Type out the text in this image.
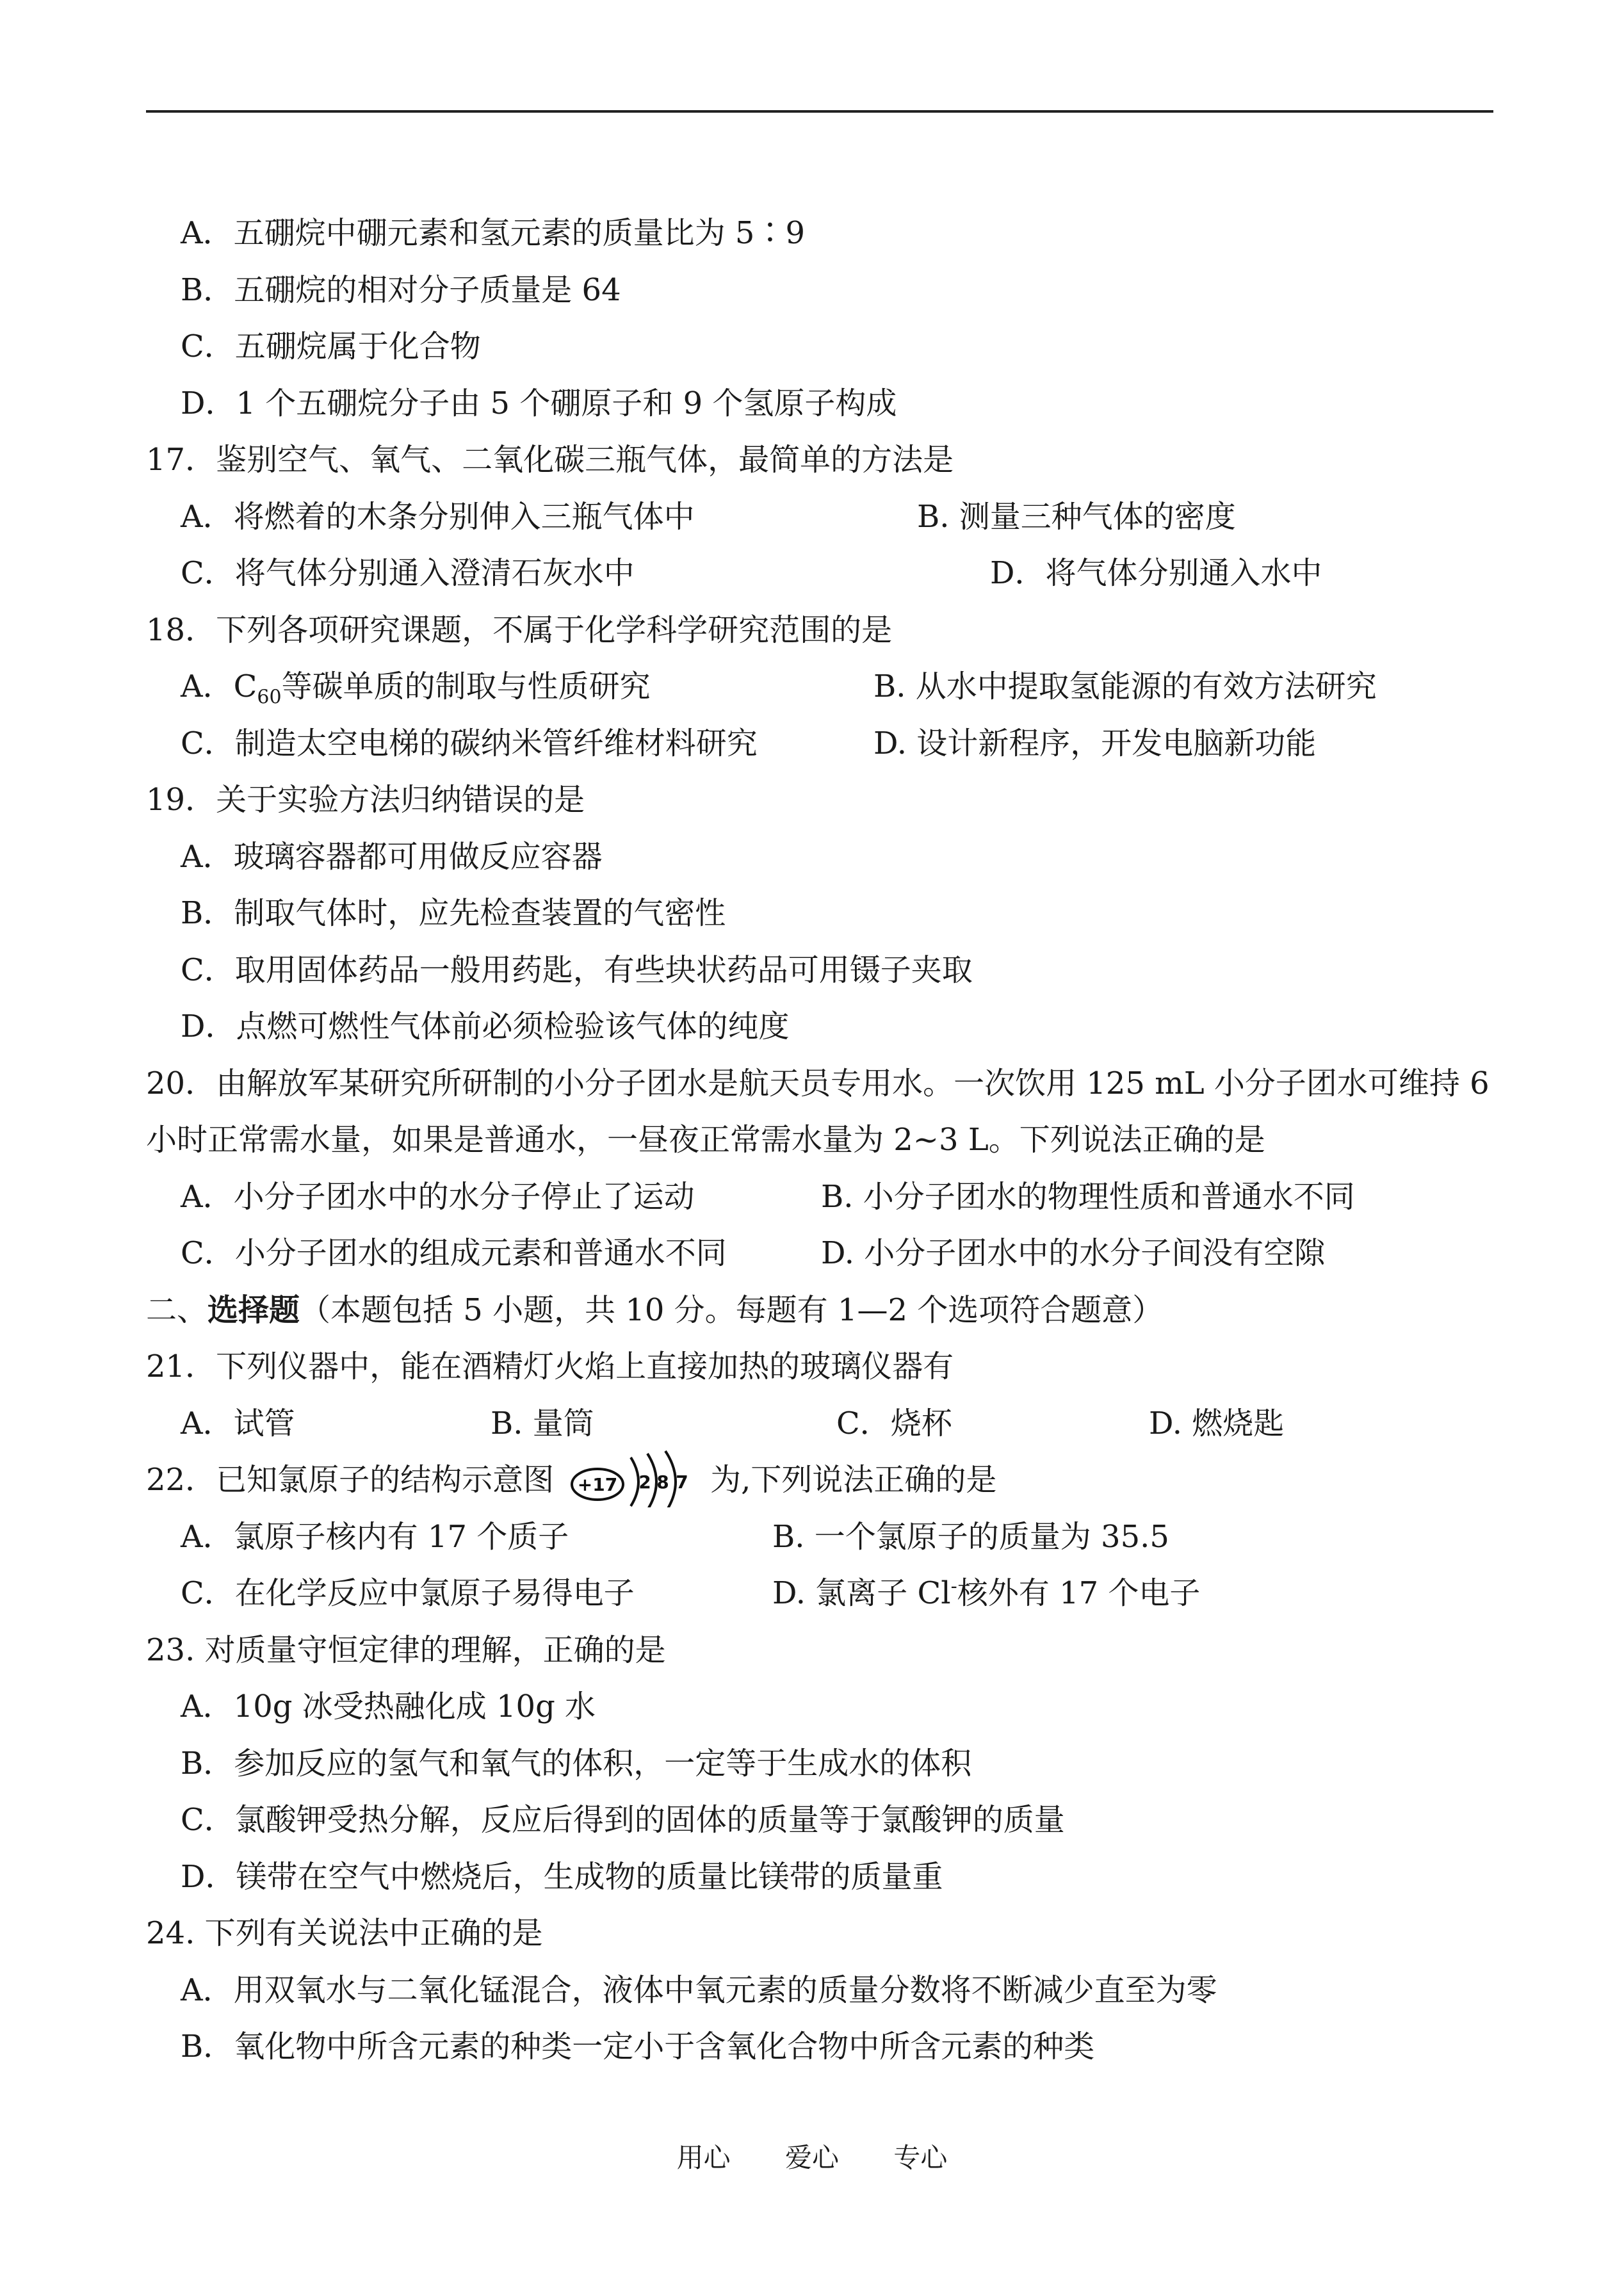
A．五硼烷中硼元素和氢元素的质量比为 5∶9
B．五硼烷的相对分子质量是 64
C．五硼烷属于化合物
D．1 个五硼烷分子由 5 个硼原子和 9 个氢原子构成
17．鉴别空气、氧气、二氧化碳三瓶气体，最简单的方法是
A．将燃着的木条分别伸入三瓶气体中	B. 测量三种气体的密度
C．将气体分别通入澄清石灰水中	D．将气体分别通入水中
18．下列各项研究课题，不属于化学科学研究范围的是
A．$C_{60}$等碳单质的制取与性质研究	B. 从水中提取氢能源的有效方法研究
C．制造太空电梯的碳纳米管纤维材料研究	D. 设计新程序，开发电脑新功能
19．关于实验方法归纳错误的是
A．玻璃容器都可用做反应容器
B．制取气体时，应先检查装置的气密性
C．取用固体药品一般用药匙，有些块状药品可用镊子夹取
D．点燃可燃性气体前必须检验该气体的纯度
20．由解放军某研究所研制的小分子团水是航天员专用水。一次饮用 125 mL 小分子团水可维持 6
小时正常需水量，如果是普通水，一昼夜正常需水量为 2~3 L。下列说法正确的是
A．小分子团水中的水分子停止了运动	B. 小分子团水的物理性质和普通水不同
C．小分子团水的组成元素和普通水不同	D. 小分子团水中的水分子间没有空隙
二、选择题（本题包括 5 小题，共 10 分。每题有 1—2 个选项符合题意）
21．下列仪器中，能在酒精灯火焰上直接加热的玻璃仪器有
A．试管	B. 量筒	C．烧杯	D. 燃烧匙
22．已知氯原子的结构示意图 +17 2 8 7 为,下列说法正确的是
A．氯原子核内有 17 个质子	B. 一个氯原子的质量为 35.5
C．在化学反应中氯原子易得电子	D. 氯离子 Cl-核外有 17 个电子
23. 对质量守恒定律的理解，正确的是
A．10g 冰受热融化成 10g 水
B．参加反应的氢气和氧气的体积，一定等于生成水的体积
C．氯酸钾受热分解，反应后得到的固体的质量等于氯酸钾的质量
D．镁带在空气中燃烧后，生成物的质量比镁带的质量重
24. 下列有关说法中正确的是
A．用双氧水与二氧化锰混合，液体中氧元素的质量分数将不断减少直至为零
B．氧化物中所含元素的种类一定小于含氧化合物中所含元素的种类
用心 爱心 专心
